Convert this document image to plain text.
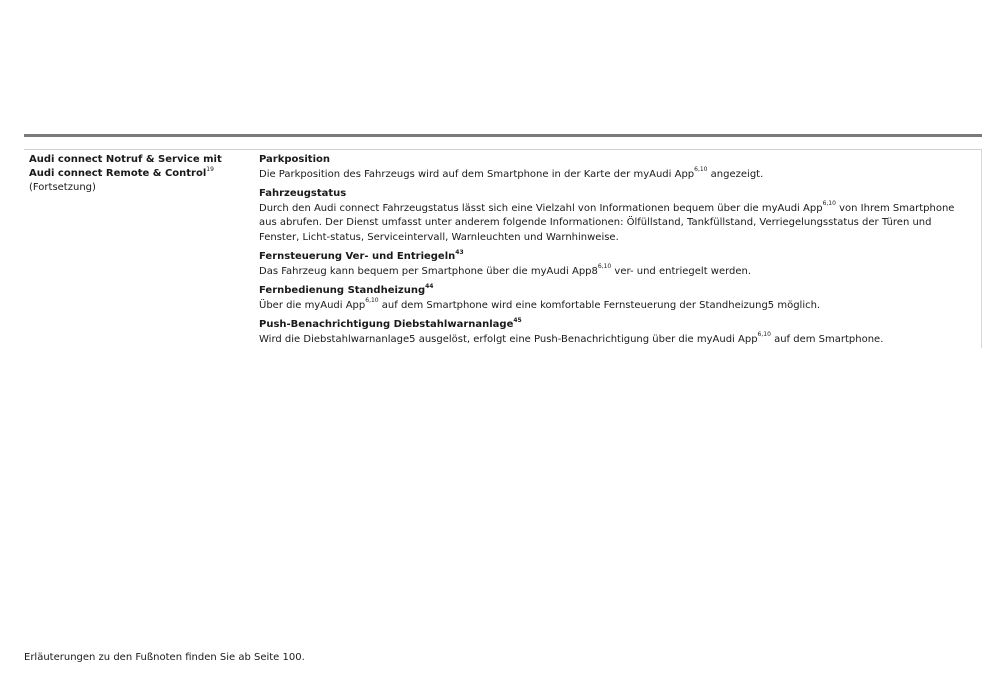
Audi connect Notruf & Service mit Audi connect Remote & Control$^{19}$ (Fortsetzung)
Parkposition
Die Parkposition des Fahrzeugs wird auf dem Smartphone in der Karte der myAudi App$^{6,10}$ angezeigt.
Fahrzeugstatus
Durch den Audi connect Fahrzeugstatus lässt sich eine Vielzahl von Informationen bequem über die myAudi App$^{6,10}$ von Ihrem Smartphone aus abrufen. Der Dienst umfasst unter anderem folgende Informationen: Ölfüllstand, Tankfüllstand, Verriegelungsstatus der Türen und Fenster, Licht-status, Serviceintervall, Warnleuchten und Warnhinweise.
Fernsteuerung Ver- und Entriegeln$^{43}$
Das Fahrzeug kann bequem per Smartphone über die myAudi App8$^{6,10}$ ver- und entriegelt werden.
Fernbedienung Standheizung$^{44}$
Über die myAudi App$^{6,10}$ auf dem Smartphone wird eine komfortable Fernsteuerung der Standheizung5 möglich.
Push-Benachrichtigung Diebstahlwarnanlage$^{45}$
Wird die Diebstahlwarnanlage5 ausgelöst, erfolgt eine Push-Benachrichtigung über die myAudi App$^{6,10}$ auf dem Smartphone.
Erläuterungen zu den Fußnoten finden Sie ab Seite 100.
